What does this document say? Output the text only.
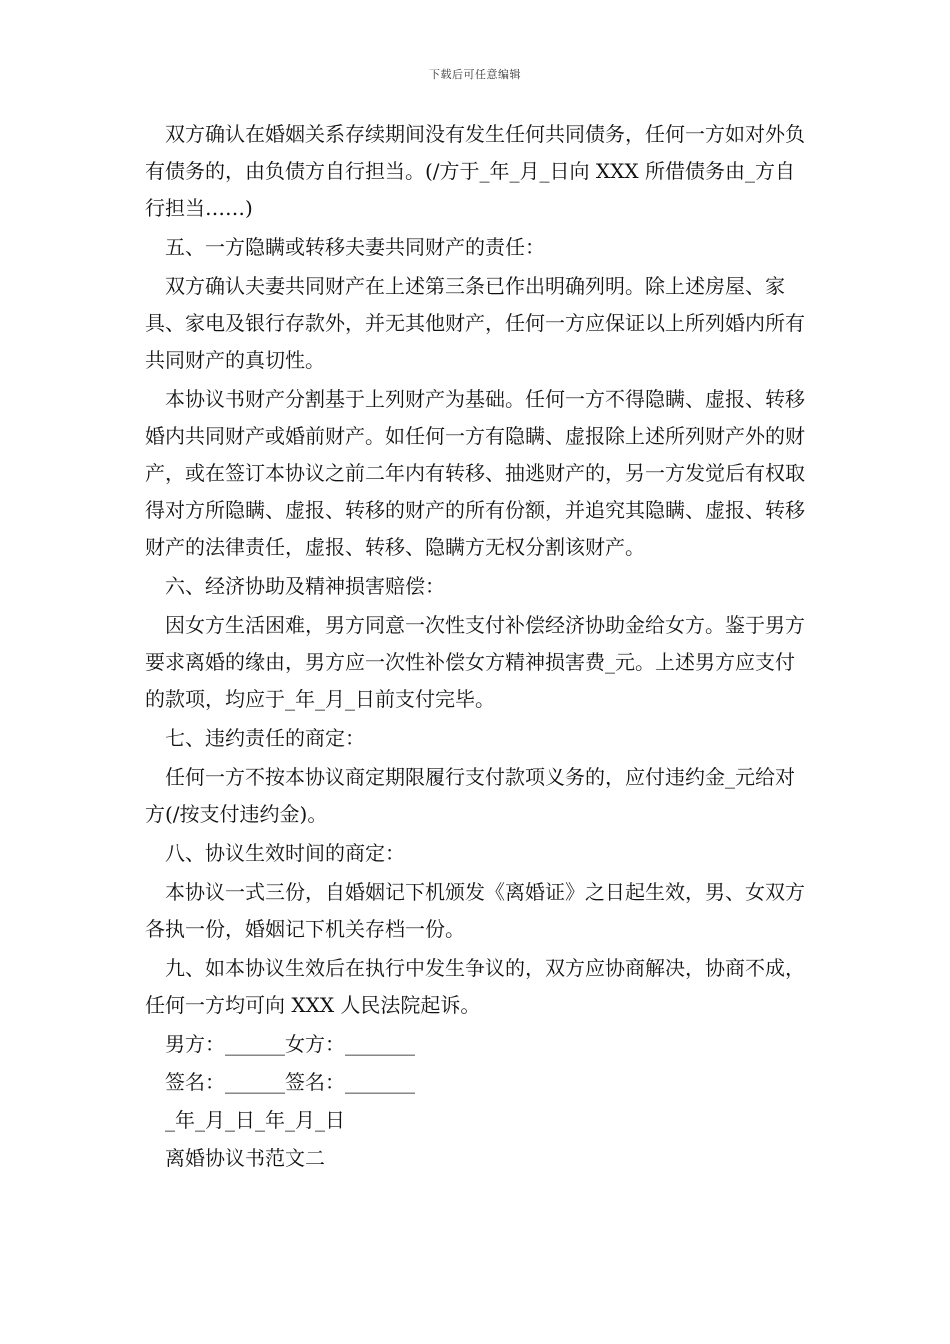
下载后可任意编辑

双方确认在婚姻关系存续期间没有发生任何共同债务，任何一方如对外负有债务的，由负债方自行担当。(/方于_年_月_日向 XXX 所借债务由_方自行担当……)

五、一方隐瞒或转移夫妻共同财产的责任：

双方确认夫妻共同财产在上述第三条已作出明确列明。除上述房屋、家具、家电及银行存款外，并无其他财产，任何一方应保证以上所列婚内所有共同财产的真切性。

本协议书财产分割基于上列财产为基础。任何一方不得隐瞒、虚报、转移婚内共同财产或婚前财产。如任何一方有隐瞒、虚报除上述所列财产外的财产，或在签订本协议之前二年内有转移、抽逃财产的，另一方发觉后有权取得对方所隐瞒、虚报、转移的财产的所有份额，并追究其隐瞒、虚报、转移财产的法律责任，虚报、转移、隐瞒方无权分割该财产。

六、经济协助及精神损害赔偿：

因女方生活困难，男方同意一次性支付补偿经济协助金给女方。鉴于男方要求离婚的缘由，男方应一次性补偿女方精神损害费_元。上述男方应支付的款项，均应于_年_月_日前支付完毕。

七、违约责任的商定：

任何一方不按本协议商定期限履行支付款项义务的，应付违约金_元给对方(/按支付违约金)。

八、协议生效时间的商定：

本协议一式三份，自婚姻记下机颁发《离婚证》之日起生效，男、女双方各执一份，婚姻记下机关存档一份。

九、如本协议生效后在执行中发生争议的，双方应协商解决，协商不成，任何一方均可向 XXX 人民法院起诉。

男方：______女方：_______

签名：______签名：_______

_年_月_日_年_月_日

离婚协议书范文二
